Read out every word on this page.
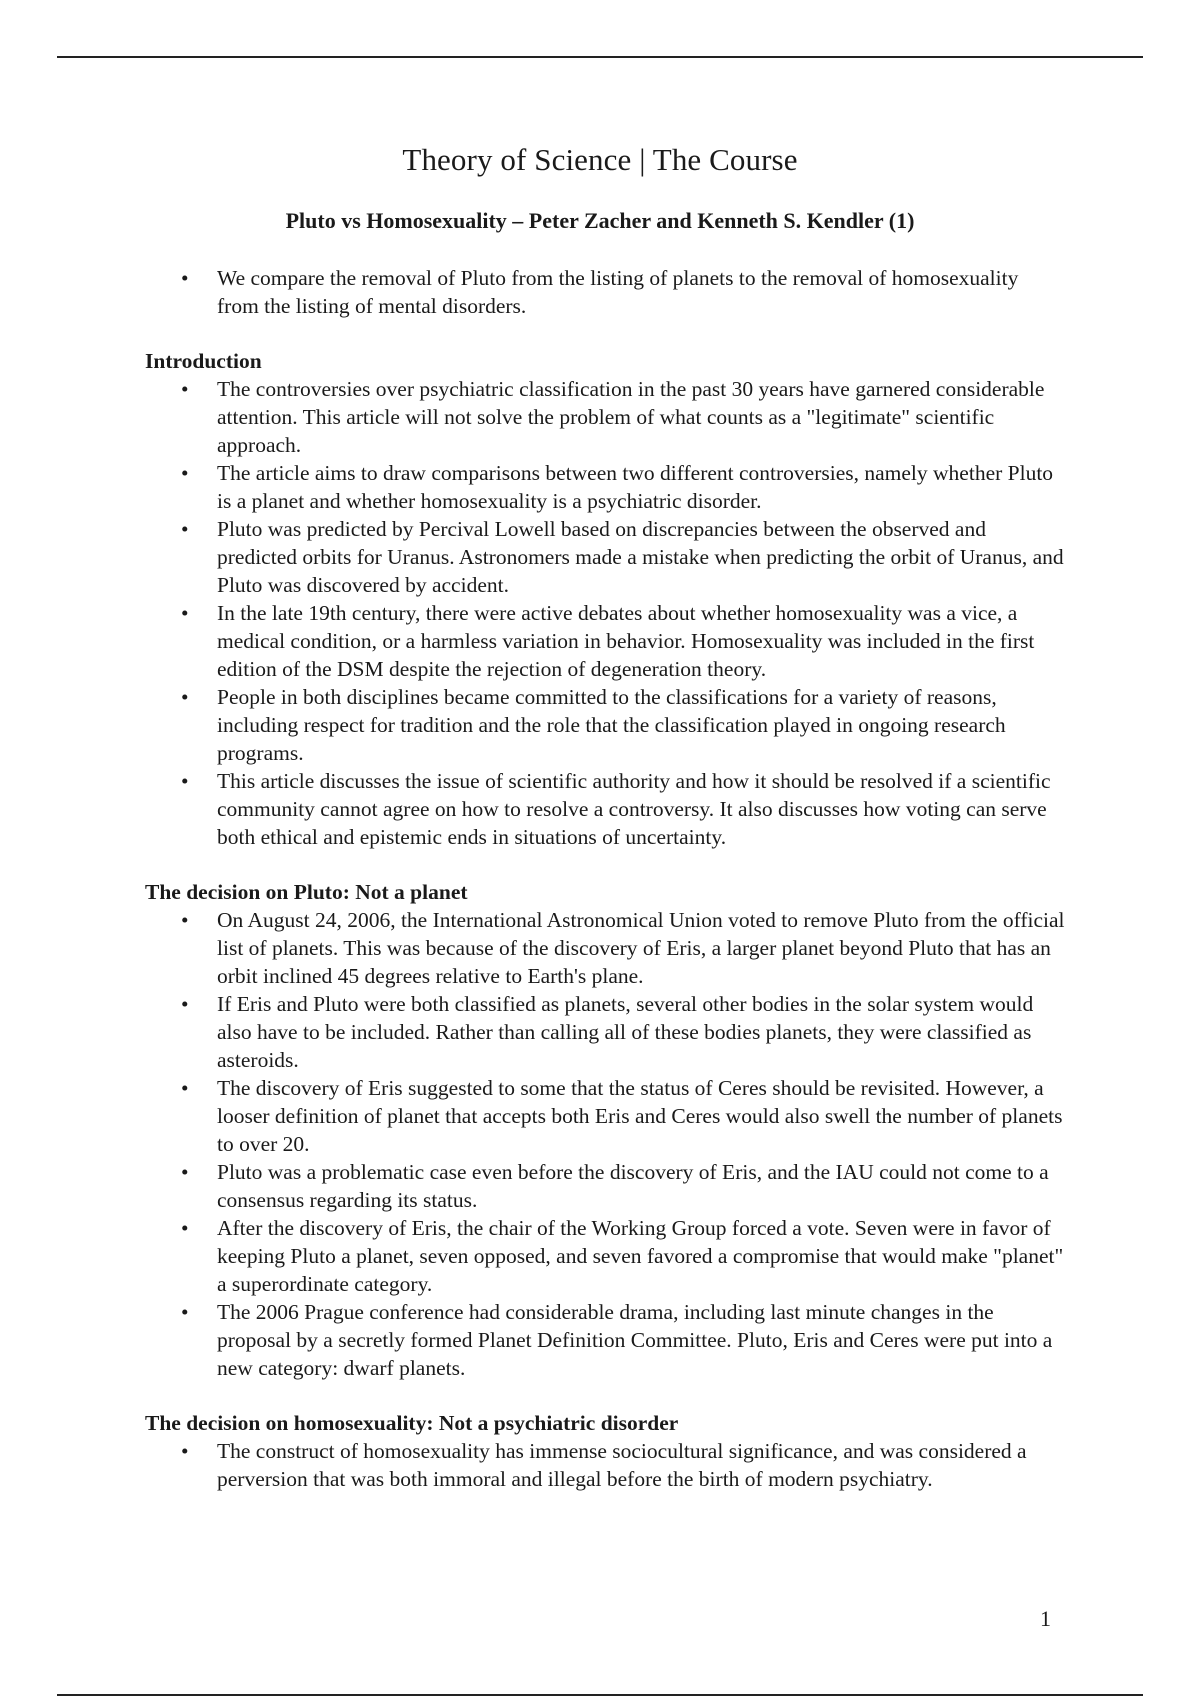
Theory of Science | The Course
Pluto vs Homosexuality – Peter Zacher and Kenneth S. Kendler (1)
• We compare the removal of Pluto from the listing of planets to the removal of homosexuality from the listing of mental disorders.
Introduction
• The controversies over psychiatric classification in the past 30 years have garnered considerable attention. This article will not solve the problem of what counts as a "legitimate" scientific approach.
• The article aims to draw comparisons between two different controversies, namely whether Pluto is a planet and whether homosexuality is a psychiatric disorder.
• Pluto was predicted by Percival Lowell based on discrepancies between the observed and predicted orbits for Uranus. Astronomers made a mistake when predicting the orbit of Uranus, and Pluto was discovered by accident.
• In the late 19th century, there were active debates about whether homosexuality was a vice, a medical condition, or a harmless variation in behavior. Homosexuality was included in the first edition of the DSM despite the rejection of degeneration theory.
• People in both disciplines became committed to the classifications for a variety of reasons, including respect for tradition and the role that the classification played in ongoing research programs.
• This article discusses the issue of scientific authority and how it should be resolved if a scientific community cannot agree on how to resolve a controversy. It also discusses how voting can serve both ethical and epistemic ends in situations of uncertainty.
The decision on Pluto: Not a planet
• On August 24, 2006, the International Astronomical Union voted to remove Pluto from the official list of planets. This was because of the discovery of Eris, a larger planet beyond Pluto that has an orbit inclined 45 degrees relative to Earth's plane.
• If Eris and Pluto were both classified as planets, several other bodies in the solar system would also have to be included. Rather than calling all of these bodies planets, they were classified as asteroids.
• The discovery of Eris suggested to some that the status of Ceres should be revisited. However, a looser definition of planet that accepts both Eris and Ceres would also swell the number of planets to over 20.
• Pluto was a problematic case even before the discovery of Eris, and the IAU could not come to a consensus regarding its status.
• After the discovery of Eris, the chair of the Working Group forced a vote. Seven were in favor of keeping Pluto a planet, seven opposed, and seven favored a compromise that would make "planet" a superordinate category.
• The 2006 Prague conference had considerable drama, including last minute changes in the proposal by a secretly formed Planet Definition Committee. Pluto, Eris and Ceres were put into a new category: dwarf planets.
The decision on homosexuality: Not a psychiatric disorder
• The construct of homosexuality has immense sociocultural significance, and was considered a perversion that was both immoral and illegal before the birth of modern psychiatry.
1
